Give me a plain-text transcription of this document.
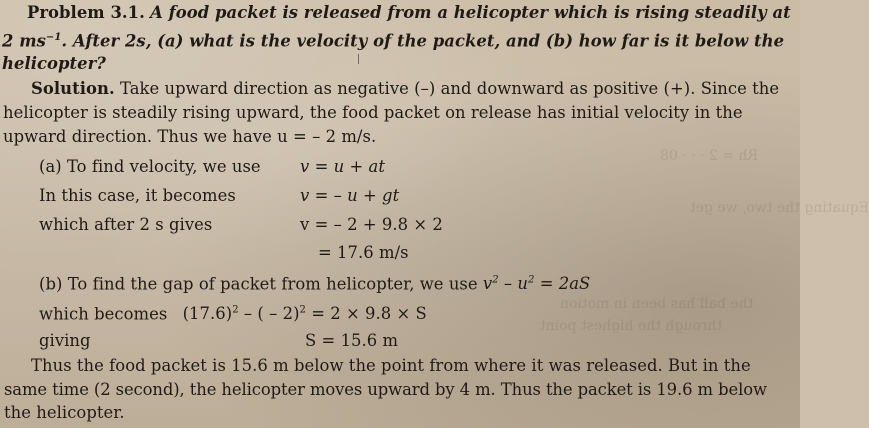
Rh = 2 · · · 08
Equating the two, we get
the ball has been in motion
through the highest point
Problem 3.1. A food packet is released from a helicopter which is rising steadily at
2 $ms^{-1}$. After 2s, (a) what is the velocity of the packet, and (b) how far is it below the
helicopter?
Solution. Take upward direction as negative (–) and downward as positive (+). Since the
helicopter is steadily rising upward, the food packet on release has initial velocity in the
upward direction. Thus we have u = – 2 m/s.
(a) To find velocity, we use v = u + at
In this case, it becomes	v = – u + gt
which after 2 s gives	v = – 2 + 9.8 × 2
= 17.6 m/s
(b) To find the gap of packet from helicopter, we use $v^2 - u^2 = 2aS$
which becomes $(17.6)^2$ – ( – 2)$^2$ = 2 × 9.8 × S
giving	S = 15.6 m
Thus the food packet is 15.6 m below the point from where it was released. But in the
same time (2 second), the helicopter moves upward by 4 m. Thus the packet is 19.6 m below
the helicopter.
